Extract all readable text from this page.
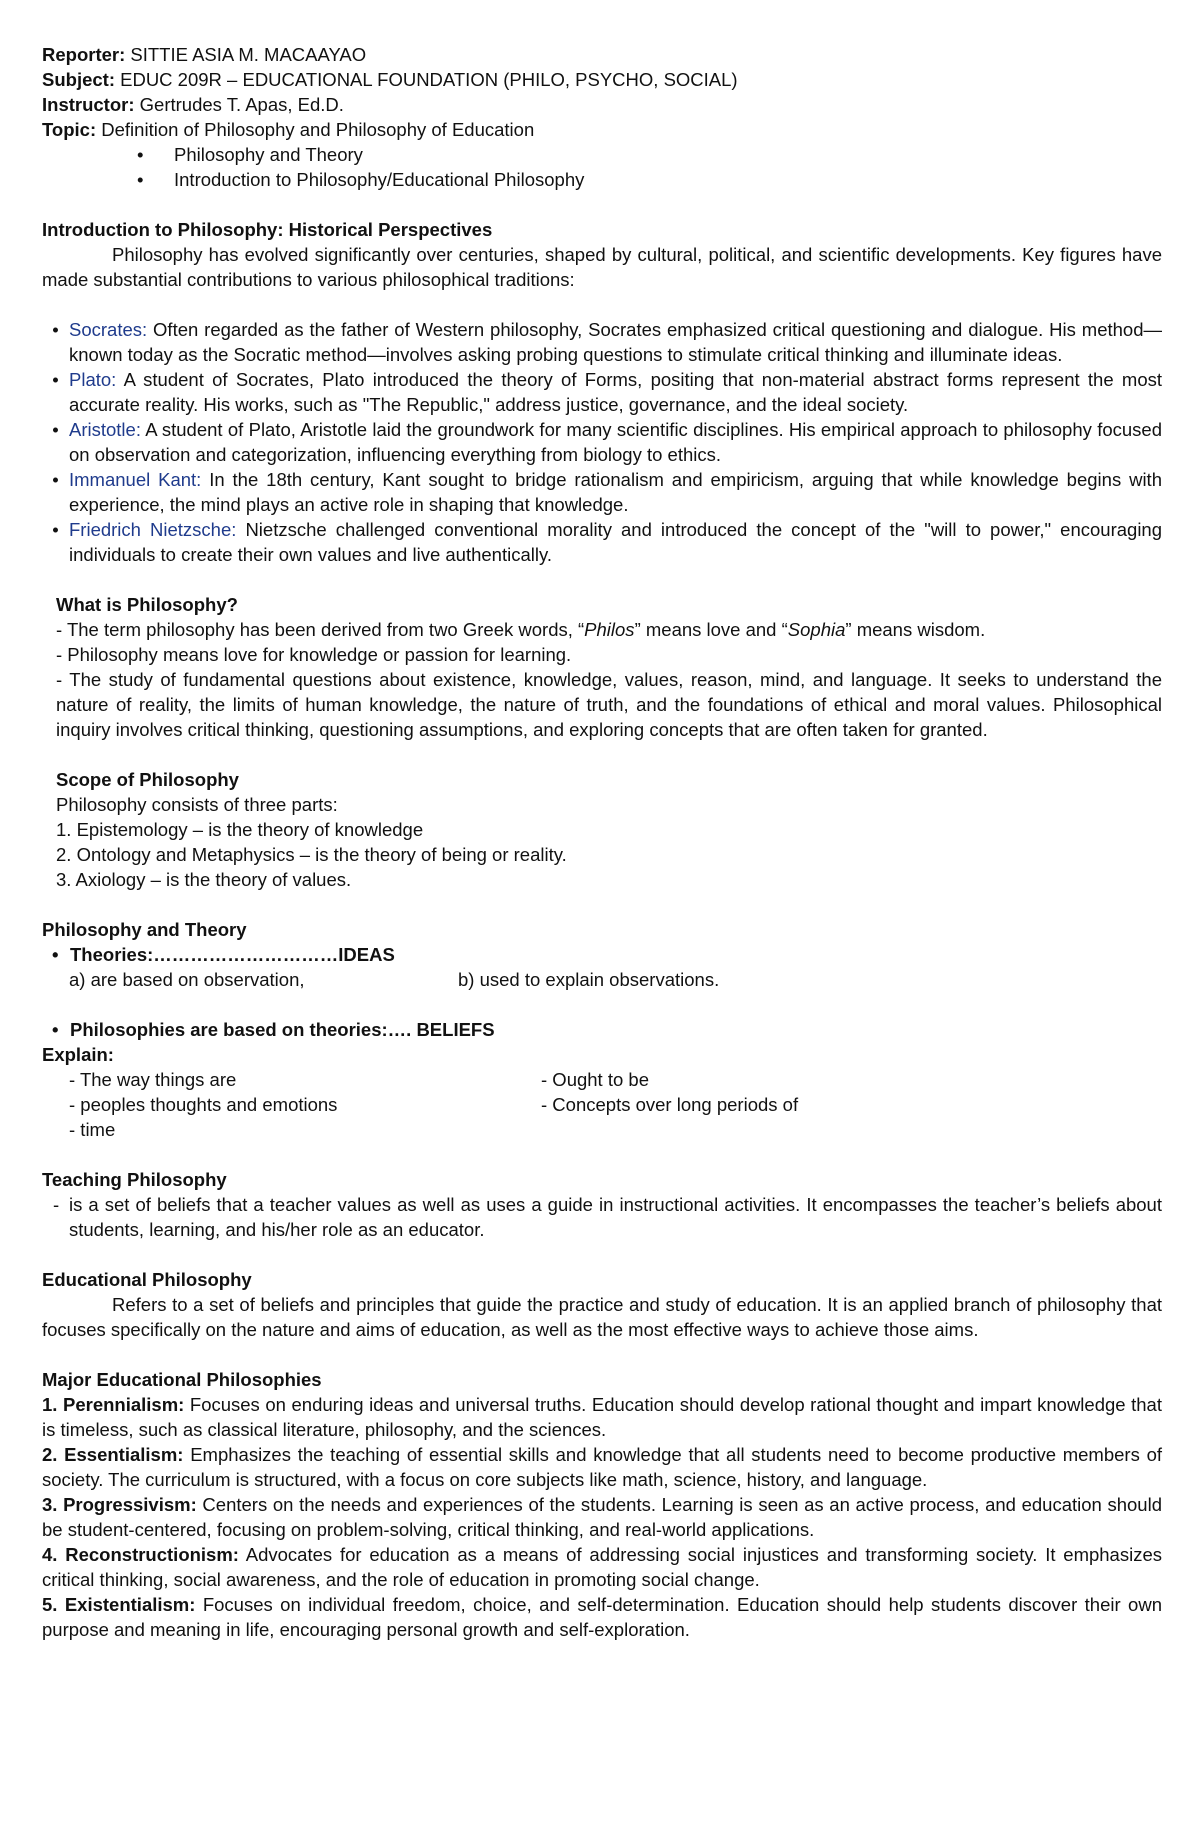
Reporter: SITTIE ASIA M. MACAAYAO

Subject: EDUC 209R – EDUCATIONAL FOUNDATION (PHILO, PSYCHO, SOCIAL)

Instructor: Gertrudes T. Apas, Ed.D.

Topic: Definition of Philosophy and Philosophy of Education

•	Philosophy and Theory
•	Introduction to Philosophy/Educational Philosophy

Introduction to Philosophy: Historical Perspectives

Philosophy has evolved significantly over centuries, shaped by cultural, political, and scientific developments. Key figures have made substantial contributions to various philosophical traditions:

• Socrates: Often regarded as the father of Western philosophy, Socrates emphasized critical questioning and dialogue. His method—known today as the Socratic method—involves asking probing questions to stimulate critical thinking and illuminate ideas.

• Plato: A student of Socrates, Plato introduced the theory of Forms, positing that non-material abstract forms represent the most accurate reality. His works, such as "The Republic," address justice, governance, and the ideal society.

• Aristotle: A student of Plato, Aristotle laid the groundwork for many scientific disciplines. His empirical approach to philosophy focused on observation and categorization, influencing everything from biology to ethics.

• Immanuel Kant: In the 18th century, Kant sought to bridge rationalism and empiricism, arguing that while knowledge begins with experience, the mind plays an active role in shaping that knowledge.

• Friedrich Nietzsche: Nietzsche challenged conventional morality and introduced the concept of the "will to power," encouraging individuals to create their own values and live authentically.

What is Philosophy?

- The term philosophy has been derived from two Greek words, “Philos” means love and “Sophia” means wisdom.

- Philosophy means love for knowledge or passion for learning.

- The study of fundamental questions about existence, knowledge, values, reason, mind, and language. It seeks to understand the nature of reality, the limits of human knowledge, the nature of truth, and the foundations of ethical and moral values. Philosophical inquiry involves critical thinking, questioning assumptions, and exploring concepts that are often taken for granted.

Scope of Philosophy

Philosophy consists of three parts:

1. Epistemology – is the theory of knowledge

2. Ontology and Metaphysics – is the theory of being or reality.

3. Axiology – is the theory of values.

Philosophy and Theory

• Theories:…………………………IDEAS
a) are based on observation,	b) used to explain observations.
• Philosophies are based on theories:…. BELIEFS

Explain:

- The way things are	- Ought to be
- peoples thoughts and emotions	- Concepts over long periods of
- time

Teaching Philosophy

- is a set of beliefs that a teacher values as well as uses a guide in instructional activities. It encompasses the teacher’s beliefs about students, learning, and his/her role as an educator.

Educational Philosophy

Refers to a set of beliefs and principles that guide the practice and study of education. It is an applied branch of philosophy that focuses specifically on the nature and aims of education, as well as the most effective ways to achieve those aims.

Major Educational Philosophies

1. Perennialism: Focuses on enduring ideas and universal truths. Education should develop rational thought and impart knowledge that is timeless, such as classical literature, philosophy, and the sciences.

2. Essentialism: Emphasizes the teaching of essential skills and knowledge that all students need to become productive members of society. The curriculum is structured, with a focus on core subjects like math, science, history, and language.

3. Progressivism: Centers on the needs and experiences of the students. Learning is seen as an active process, and education should be student-centered, focusing on problem-solving, critical thinking, and real-world applications.

4. Reconstructionism: Advocates for education as a means of addressing social injustices and transforming society. It emphasizes critical thinking, social awareness, and the role of education in promoting social change.

5. Existentialism: Focuses on individual freedom, choice, and self-determination. Education should help students discover their own purpose and meaning in life, encouraging personal growth and self-exploration.
